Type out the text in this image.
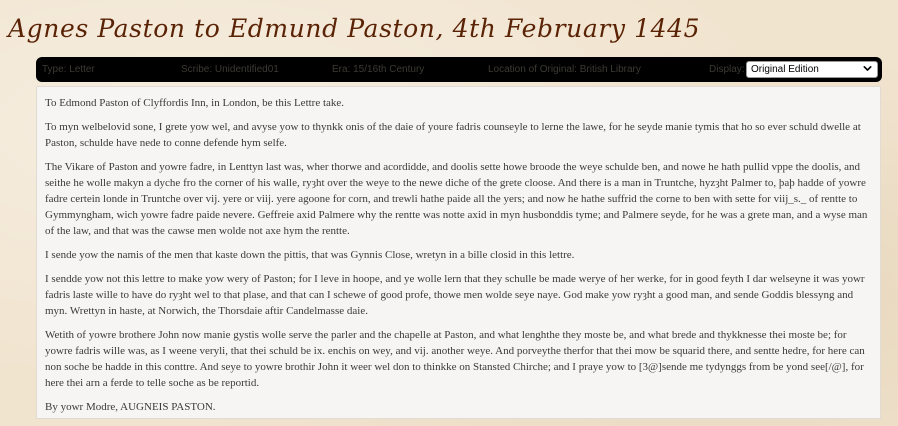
Agnes Paston to Edmund Paston, 4th February 1445
Type: Letter	Scribe: Unidentified01	Era: 15/16th Century	Location of Original: British Library	Display: Original Edition

To Edmond Paston of Clyffordis Inn, in London, be this Lettre take.

To myn welbelovid sone, I grete yow wel, and avyse yow to thynkk onis of the daie of youre fadris counseyle to lerne the lawe, for he seyde manie tymis that ho so ever schuld dwelle at Paston, schulde have nede to conne defende hym selfe.

The Vikare of Paston and yowre fadre, in Lenttyn last was, wher thorwe and acordidde, and doolis sette howe broode the weye schulde ben, and nowe he hath pullid vppe the doolis, and seithe he wolle makyn a dyche fro the corner of his walle, ryȝht over the weye to the newe diche of the grete cloose. And there is a man in Truntche, hyzȝht Palmer to, þaþ hadde of yowre fadre certein londe in Truntche over vij. yere or viij. yere agoone for corn, and trewli hathe paide all the yers; and now he hathe suffrid the corne to ben with sette for viij_s._ of rentte to Gymmyngham, wich yowre fadre paide nevere. Geffreie axid Palmere why the rentte was notte axid in myn husbonddis tyme; and Palmere seyde, for he was a grete man, and a wyse man of the law, and that was the cawse men wolde not axe hym the rentte.

I sende yow the namis of the men that kaste down the pittis, that was Gynnis Close, wretyn in a bille closid in this lettre.

I sendde yow not this lettre to make yow wery of Paston; for I leve in hoope, and ye wolle lern that they schulle be made werye of her werke, for in good feyth I dar welseyne it was yowr fadris laste wille to have do ryȝht wel to that plase, and that can I schewe of good profe, thowe men wolde seye naye. God make yow ryȝht a good man, and sende Goddis blessyng and myn. Wrettyn in haste, at Norwich, the Thorsdaie aftir Candelmasse daie.

Wetith of yowre brothere John now manie gystis wolle serve the parler and the chapelle at Paston, and what lenghthe they moste be, and what brede and thykknesse thei moste be; for yowre fadris wille was, as I weene veryli, that thei schuld be ix. enchis on wey, and vij. another weye. And porveythe therfor that thei mow be squarid there, and sentte hedre, for here can non soche be hadde in this conttre. And seye to yowre brothir John it weer wel don to thinkke on Stansted Chirche; and I praye yow to [3@]sende me tydynggs from be yond see[/@], for here thei arn a ferde to telle soche as be reportid.

By yowr Modre, AUGNEIS PASTON.
